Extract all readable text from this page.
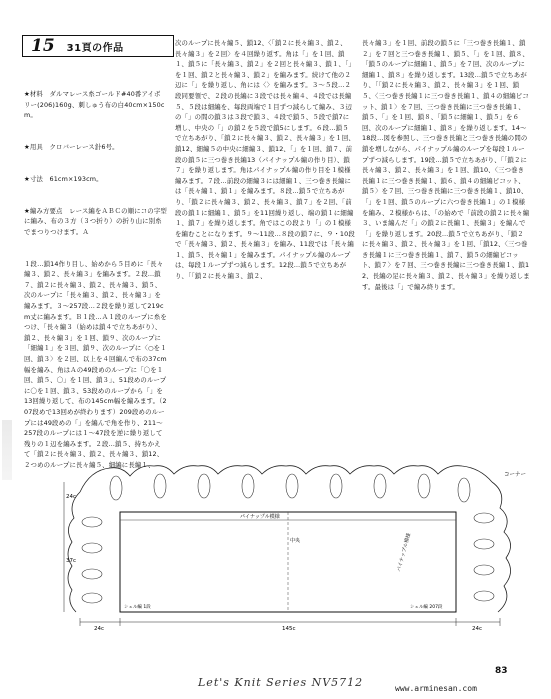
15	31頁の作品

★材料　ダルマレース糸ゴールド#40番アイボリー(206)160g、刺しゅう布の白40cm×150cm。

★用具　クロバーレース針6号。

★寸法　61cm×193cm。

★編み方要点　レース編をＡＢＣの順にコの字型に編み、布の３方（３つ折り）の折り山に別糸でまつりつけます。Ａ

１段…鎖14作り目し、始めから５目めに「長々編３、鎖２、長々編３」を編みます。２段…鎖７、鎖２に長々編３、鎖２、長々編３、鎖５、次のループに「長々編３、鎖２、長々編３」を編みます。３～257段…２段を繰り返して219cm丈に編みます。Ｂ１段…Ａ１段のループに糸をつけ、「長々編３（始めは鎖４で立ちあがり）、鎖２、長々編３」を１回、鎖９、次のループに「細編１」を３回、鎖９、次のループに〈○を１回、鎖３〉を２回、以上を４回編んで布の37cm幅を編み、角はＡの49段めのループに「〇を１回、鎖５、〇」を１回、鎖３」、51段めのループに〇を１回、鎖３、53段めのループから「」を13回繰り返して、布の145cm幅を編みます。（207段めで13回めが終わります）209段めのループには49段めの「」を編んで角を作り、211～257段のループには１～47段を逆に繰り返して残りの１辺を編みます。２段…鎖５、持ちかえて「鎖２に長々編３、鎖２、長々編３、鎖12、２つめのループに長々編５、細編に長編１、

次のループに長々編５、鎖12、〈「鎖２に長々編３、鎖２、長々編３」を２回〉を４回繰り返す。角は「」を１回、鎖１、鎖５に「長々編３、鎖２」を２回と長々編３、鎖１、「」を１回、鎖２と長々編３、鎖２」を編みます。続けて他の２辺に「」を繰り返し、角には〈〉を編みます。３～５段…２段同要領で、２段の長編に３段では長々編４、４段では長編５、５段は細編を、毎段両端で１目ずつ減らして編み、３辺の「」の間の鎖３は３段で鎖３、４段で鎖５、５段で鎖7に増し、中央の「」の鎖２を５段で鎖5にします。６段…鎖５で立ちあがり、「鎖２に長々編３、鎖２、長々編３」を１回、鎖12、細編５の中央に細編３、鎖12、「」を１回、鎖７、前段の鎖５に三つ巻き長編13（パイナップル編の作り目）、鎖７」を繰り返します。角はパイナップル編の作り目を１模様編みます。７段…前段の細編３には細編１、三つ巻き長編には「長々編１、鎖１」を編みます。８段…鎖５で立ちあがり、「鎖２に長々編３、鎖２、長々編３、鎖７」を２回、「前段の鎖１に細編１、鎖５」を11回繰り返し、端の鎖１に細編１、鎖７」を繰り返します。角ではこの段より「」の１模様を編むことになります。９～11段…８段の鎖７に、９・10段で「長々編３、鎖２、長々編３」を編み、11段では「長々編１、鎖５、長々編１」を編みます。パイナップル編のループは、毎段１ループずつ減らします。12段…鎖５で立ちあがり、「「鎖２に長々編３、鎖２、
長々編３」を１回、前段の鎖５に「三つ巻き長編１、鎖２」を７回と三つ巻き長編１、鎖５、「」を１回、鎖８、「鎖５のループに細編１、鎖５」を７回、次のループに細編１、鎖８」を繰り返します。13段…鎖５で立ちあがり、「「鎖２に長々編３、鎖２、長々編３」を１回、鎖５、〈三つ巻き長編１に三つ巻き長編１、鎖４の細編ピコット、鎖１〉を７回、三つ巻き長編に三つ巻き長編１、鎖５、「」を１回、鎖８、「鎖５に細編１、鎖５」を６回、次のループに細編１、鎖８」を繰り返します。14～18段…図を参照し、三つ巻き長編と三つ巻き長編の間の鎖を増しながら、パイナップル編のループを毎段１ループずつ減らします。19段…鎖５で立ちあがり、「「鎖２に長々編３、鎖２、長々編３」を１回、鎖10、〈三つ巻き長編１に三つ巻き長編１、鎖６、鎖４の細編ピコット、鎖５〉を７回、三つ巻き長編に三つ巻き長編１、鎖10、「」を１回、鎖５のループに六つ巻き長編１」の１模様を編み、２模様からは、「の始めで「前段の鎖２に長々編３、いま編んだ「」の鎖２に長編１、長編３」を編んで「」を繰り返します。20段…鎖５で立ちあがり、「鎖２に長々編３、鎖２、長々編３」を１回、「鎖12、〈三つ巻き長編１に三つ巻き長編１、鎖７、鎖５の細編ピコット、鎖７〉を７回、三つ巻き長編に三つ巻き長編１、鎖12、長編の足に長々編３、鎖２、長々編３」を繰り返します。最後は「」で編み終ります。
コーナー
パイナップル模様
中央	パイナップル模様
シェル編 1段	シェル編 207段
24c
37c
24c	145c	24c
83
Let's Knit Series NV5712	www.arminesan.com
